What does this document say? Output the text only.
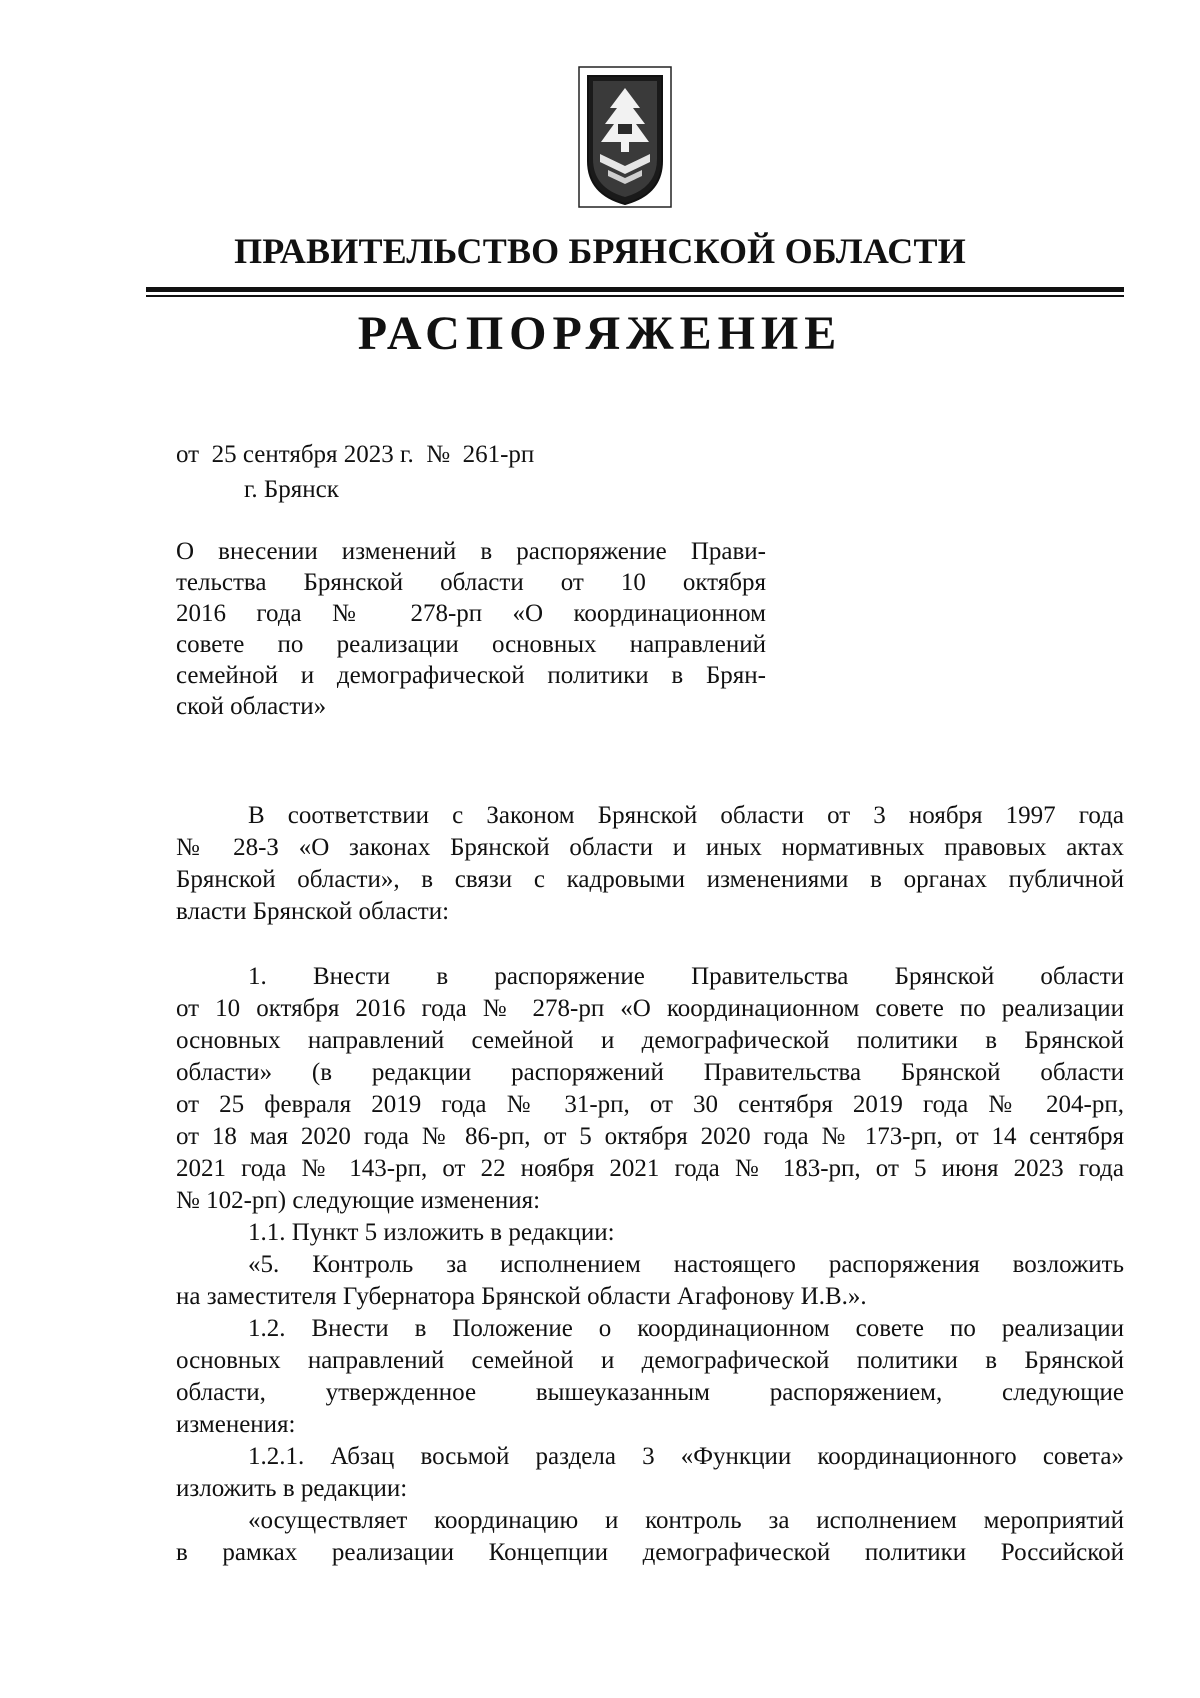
ПРАВИТЕЛЬСТВО БРЯНСКОЙ ОБЛАСТИ
РАСПОРЯЖЕНИЕ
от  25 сентября 2023 г.  №  261-рп
г. Брянск
О внесении изменений в распоряжение Прави-
тельства Брянской области от 10 октября
2016 года № 278-рп «О координационном
совете по реализации основных направлений
семейной и демографической политики в Брян-
ской области»
В соответствии с Законом Брянской области от 3 ноября 1997 года
№ 28-З «О законах Брянской области и иных нормативных правовых актах
Брянской области», в связи с кадровыми изменениями в органах публичной
власти Брянской области:
1. Внести в распоряжение Правительства Брянской области
от 10 октября 2016 года № 278-рп «О координационном совете по реализации
основных направлений семейной и демографической политики в Брянской
области» (в редакции распоряжений Правительства Брянской области
от 25 февраля 2019 года № 31-рп, от 30 сентября 2019 года № 204-рп,
от 18 мая 2020 года № 86-рп, от 5 октября 2020 года № 173-рп, от 14 сентября
2021 года № 143-рп, от 22 ноября 2021 года № 183-рп, от 5 июня 2023 года
№ 102-рп) следующие изменения:
1.1. Пункт 5 изложить в редакции:
«5. Контроль за исполнением настоящего распоряжения возложить
на заместителя Губернатора Брянской области Агафонову И.В.».
1.2. Внести в Положение о координационном совете по реализации
основных направлений семейной и демографической политики в Брянской
области, утвержденное вышеуказанным распоряжением, следующие
изменения:
1.2.1. Абзац восьмой раздела 3 «Функции координационного совета»
изложить в редакции:
«осуществляет координацию и контроль за исполнением мероприятий
в рамках реализации Концепции демографической политики Российской
